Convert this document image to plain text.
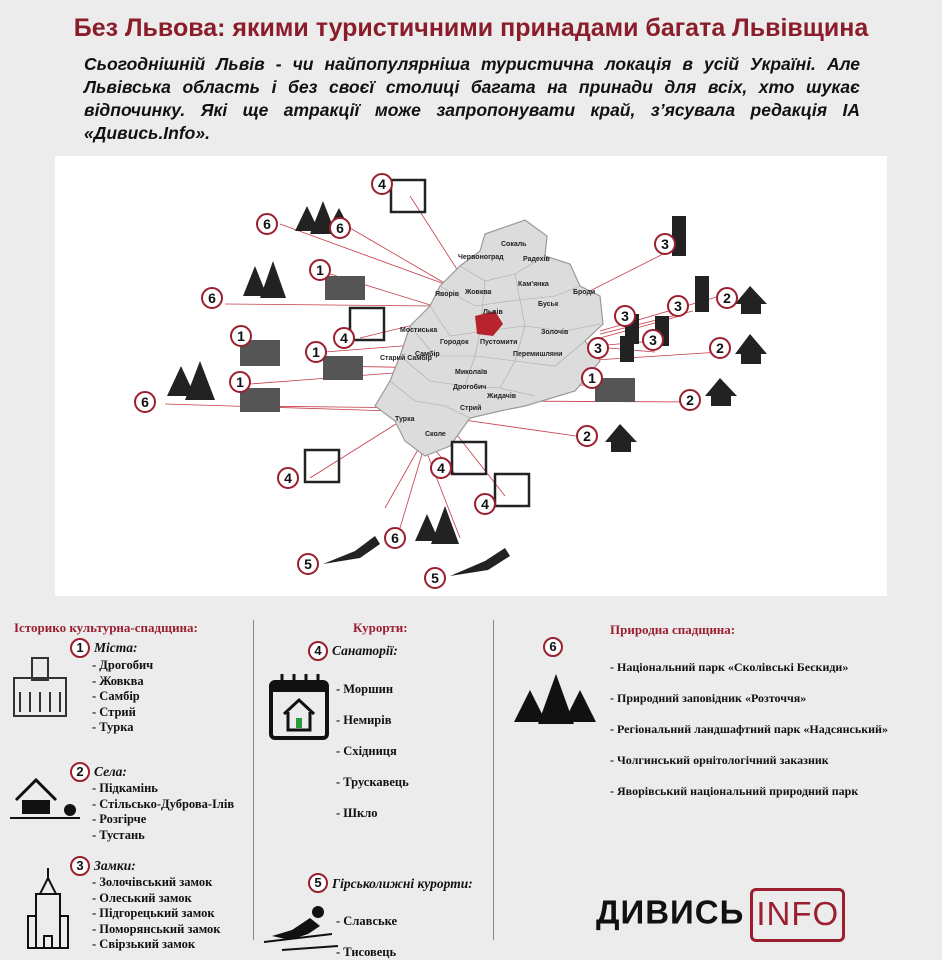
Без Львова: якими туристичними принадами багата Львівщина
Сьогоднішній Львів - чи найпопулярніша туристична локація в усій Україні. Але Львівська область і без своєї столиці багата на принади для всіх, хто шукає відпочинку. Які ще атракції може запропонувати край, з’ясувала редакція ІА «Дивись.Info».
Сокаль
Червоноград	Радехів
Жовква
Кам'янка
Яворів
Буськ
Броди
Мостиська
Львів
Городок Пустомити
Золочів
Перемишляни
Старий Самбір
Самбір
Дрогобич
Миколаїв
Жидачів
Турка
Стрий
Сколе
4
6	6
3
1
2
6	3
3
3
4
1
3	2
1
1
1
6	2
2
4
4
4
6
5
5
Історико культурна-спадщина:
1 Міста:
- Дрогобич
- Жовква
- Самбір
- Стрий
- Турка
2 Села:
- Підкамінь
- Стільсько-Дуброва-Ілів
- Розгірче
- Тустань
3 Замки:
- Золочівський замок
- Олеський замок
- Підгорецький замок
- Поморянський замок
- Свірзький замок
Курорти:
4 Санаторії:
- Моршин
- Немирів
- Східниця
- Трускавець
- Шкло
5 Гірськолижні курорти:
- Славське
- Тисовець
Природна спадщина:
6
- Національний парк «Сколівські Бескиди»
- Природний заповідник «Розточчя»
- Регіональний ландшафтний парк «Надсянський»
- Чолгинський орнітологічний заказник
- Яворівський національний природний парк
ДИВИСЬ INFO
